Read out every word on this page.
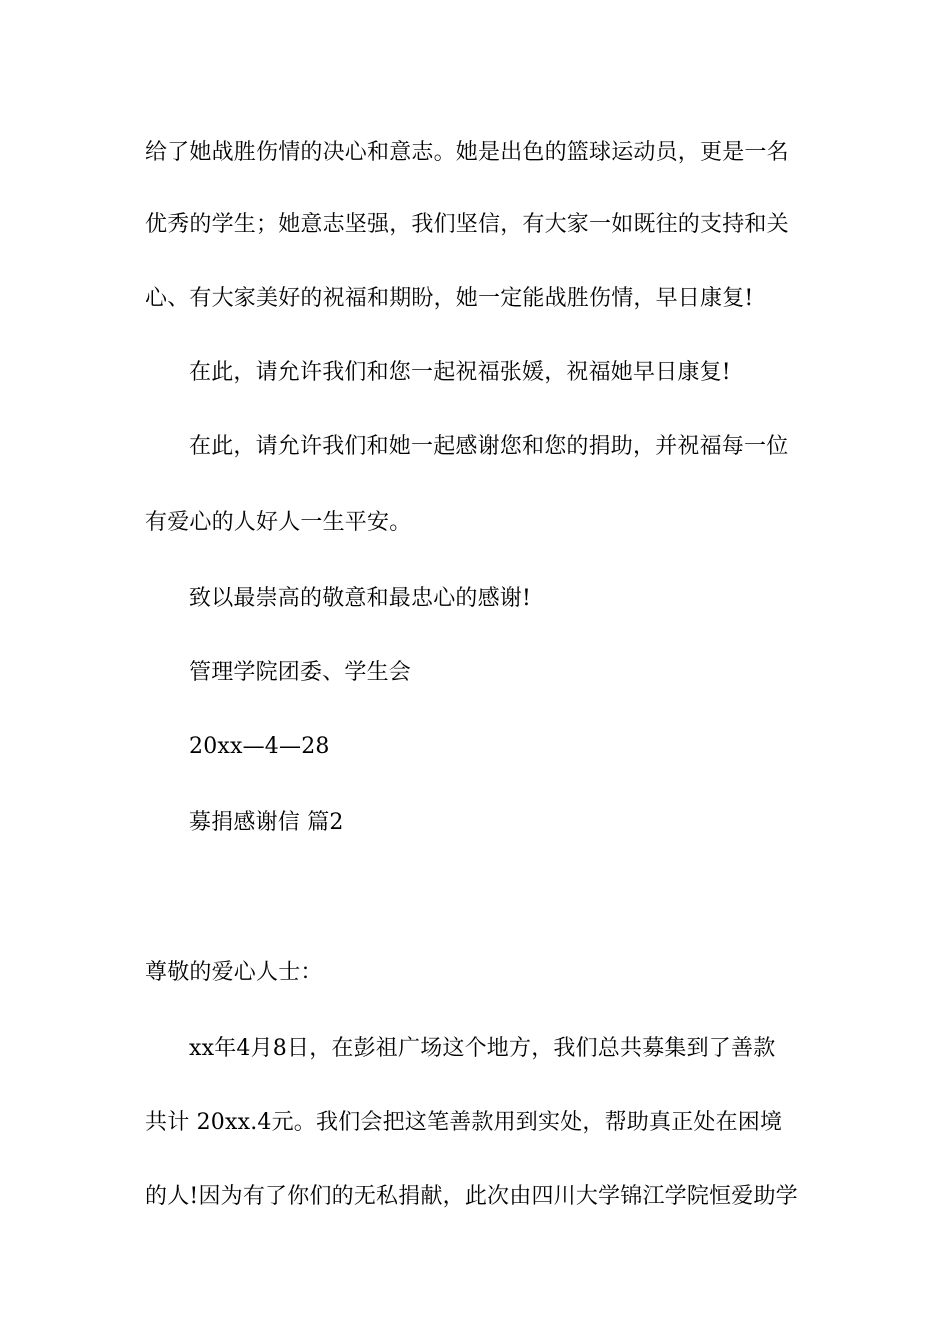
给了她战胜伤情的决心和意志。她是出色的篮球运动员，更是一名
优秀的学生；她意志坚强，我们坚信，有大家一如既往的支持和关
心、有大家美好的祝福和期盼，她一定能战胜伤情，早日康复!
在此，请允许我们和您一起祝福张媛，祝福她早日康复!
在此，请允许我们和她一起感谢您和您的捐助，并祝福每一位
有爱心的人好人一生平安。
致以最崇高的敬意和最忠心的感谢!
管理学院团委、学生会
20xx—4—28
募捐感谢信 篇2
尊敬的爱心人士：
xx年4月8日，在彭祖广场这个地方，我们总共募集到了善款
共计 20xx.4元。我们会把这笔善款用到实处，帮助真正处在困境
的人!因为有了你们的无私捐献，此次由四川大学锦江学院恒爱助学
